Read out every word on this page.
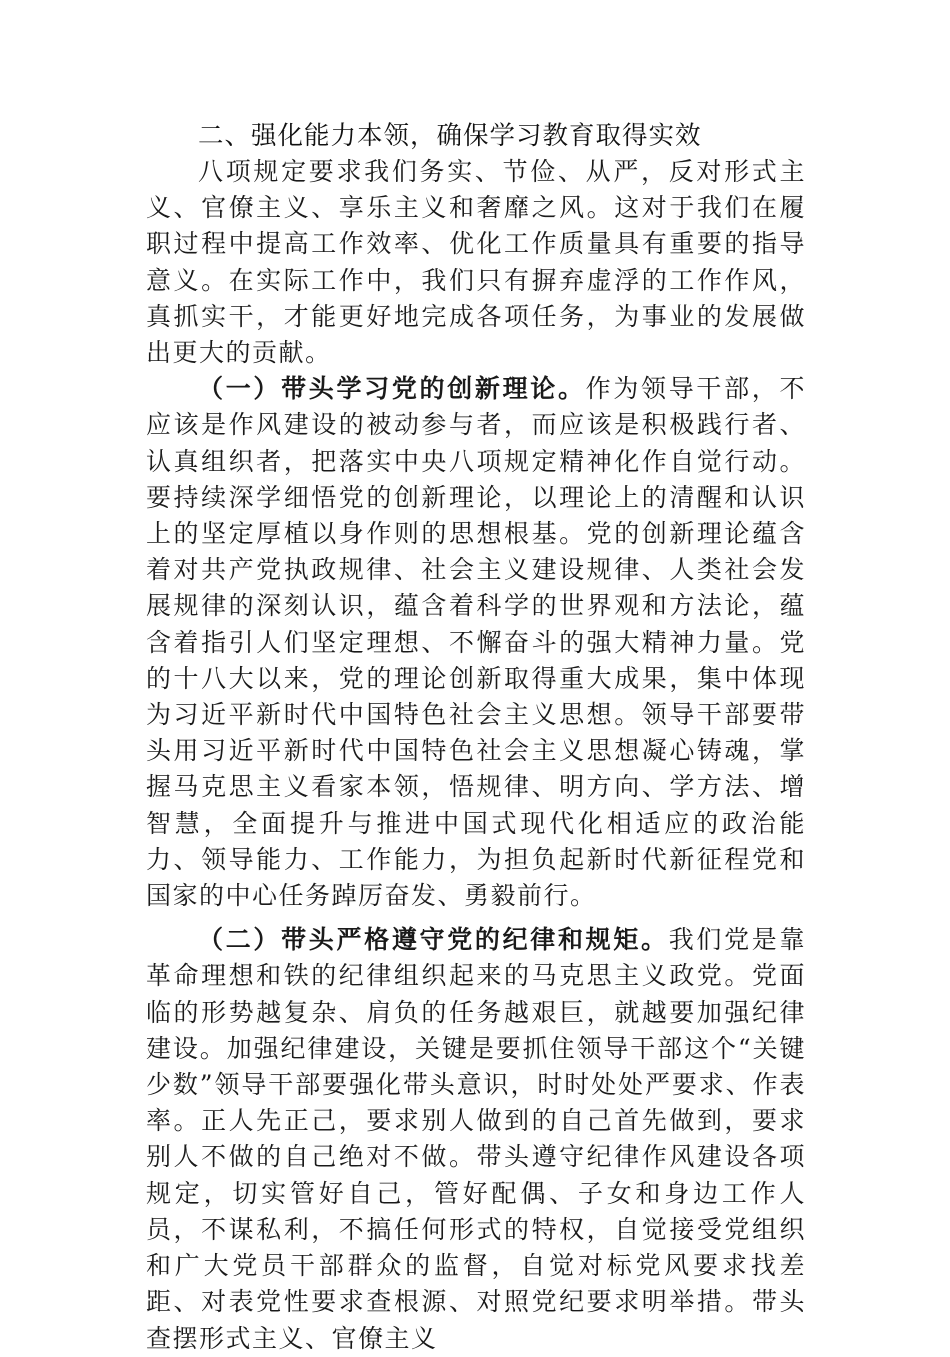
二、强化能力本领，确保学习教育取得实效

八项规定要求我们务实、节俭、从严，反对形式主义、官僚主义、享乐主义和奢靡之风。这对于我们在履职过程中提高工作效率、优化工作质量具有重要的指导意义。在实际工作中，我们只有摒弃虚浮的工作作风，真抓实干，才能更好地完成各项任务，为事业的发展做出更大的贡献。

（一）带头学习党的创新理论。作为领导干部，不应该是作风建设的被动参与者，而应该是积极践行者、认真组织者，把落实中央八项规定精神化作自觉行动。要持续深学细悟党的创新理论，以理论上的清醒和认识上的坚定厚植以身作则的思想根基。党的创新理论蕴含着对共产党执政规律、社会主义建设规律、人类社会发展规律的深刻认识，蕴含着科学的世界观和方法论，蕴含着指引人们坚定理想、不懈奋斗的强大精神力量。党的十八大以来，党的理论创新取得重大成果，集中体现为习近平新时代中国特色社会主义思想。领导干部要带头用习近平新时代中国特色社会主义思想凝心铸魂，掌握马克思主义看家本领，悟规律、明方向、学方法、增智慧，全面提升与推进中国式现代化相适应的政治能力、领导能力、工作能力，为担负起新时代新征程党和国家的中心任务踔厉奋发、勇毅前行。

（二）带头严格遵守党的纪律和规矩。我们党是靠革命理想和铁的纪律组织起来的马克思主义政党。党面临的形势越复杂、肩负的任务越艰巨，就越要加强纪律建设。加强纪律建设，关键是要抓住领导干部这个“关键少数”领导干部要强化带头意识，时时处处严要求、作表率。正人先正己，要求别人做到的自己首先做到，要求别人不做的自己绝对不做。带头遵守纪律作风建设各项规定，切实管好自己，管好配偶、子女和身边工作人员，不谋私利，不搞任何形式的特权，自觉接受党组织和广大党员干部群众的监督，自觉对标党风要求找差距、对表党性要求查根源、对照党纪要求明举措。带头查摆形式主义、官僚主义
